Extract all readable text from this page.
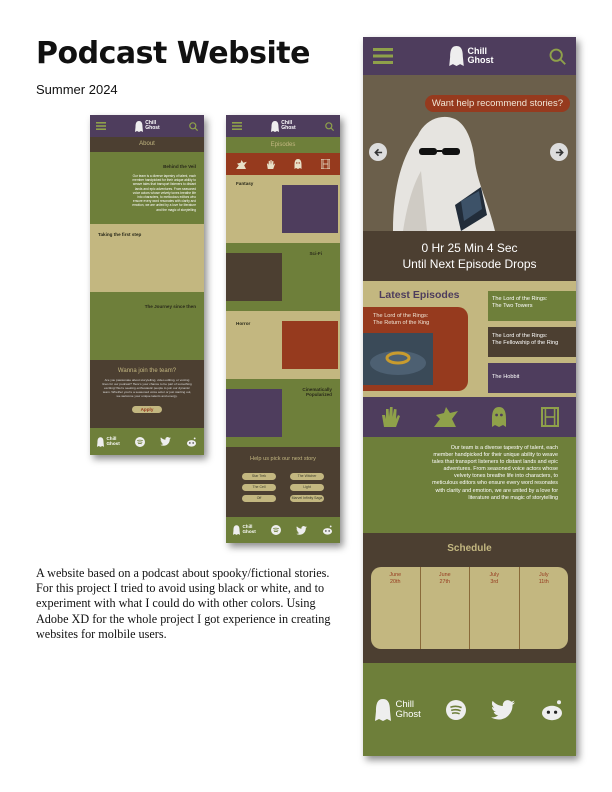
Podcast Website

Summer 2024

A website based on a podcast about spooky/fictional stories. For this project I tried to avoid using black or white, and to experiment with what I could do with other colors. Using Adobe XD for the whole project I got experience in creating websites for molbile users.

Chill
Ghost
About
Behind the Veil
Our team is a diverse tapestry of talent, each member handpicked for their unique ability to weave tales that transport listeners to distant lands and epic adventures. From seasoned voice actors whose velvety tones breathe life into characters, to meticulous editors who ensure every word resonates with clarity and emotion, we are united by a love for literature and the magic of storytelling
Taking the first step
The Journey since then
Wanna join the team?
Are you passionate about storytelling, video editing, or voicing lines for our podcast? Here's your chance to be part of something exciting! We're seeking enthusiastic people to join our dynamic team. Whether you're a seasoned voice actor or just starting out, we welcome your unique talents and energy.
Apply
Chill
Ghost
Chill
Ghost
Episodes
Fantasy
Sci-Fi
Horror
Cinematically Popularized
Help us pick our next story
Star Trek	The Witcher
The Cell	Light
Off	Marvel Infinity Saga
Chill
Ghost
Chill
Ghost
Want help recommend stories?
0 Hr 25 Min 4 Sec
Until Next Episode Drops
Latest Episodes
The Lord of the Rings:
The Return of the King
The Lord of the Rings:
The Two Towers
The Lord of the Rings:
The Fellowship of the Ring
The Hobbit
Our team is a diverse tapestry of talent, each member handpicked for their unique ability to weave tales that transport listeners to distant lands and epic adventures. From seasoned voice actors whose velvety tones breathe life into characters, to meticulous editors who ensure every word resonates with clarity and emotion, we are united by a love for literature and the magic of storytelling
Schedule
June
20th
June
27th
July
3rd
July
11th
Chill
Ghost
